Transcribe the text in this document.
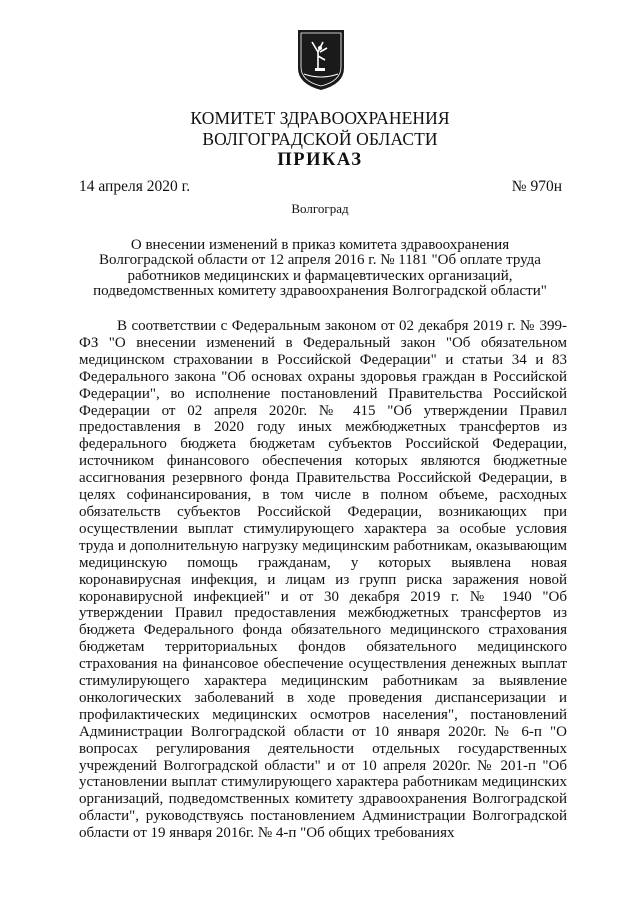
КОМИТЕТ ЗДРАВООХРАНЕНИЯ
ВОЛГОГРАДСКОЙ ОБЛАСТИ
ПРИКАЗ
14 апреля 2020 г.	№ 970н
Волгоград
О внесении изменений в приказ комитета здравоохранения
Волгоградской области от 12 апреля 2016 г. № 1181 "Об оплате труда
работников медицинских и фармацевтических организаций,
подведомственных комитету здравоохранения Волгоградской области"

В соответствии с Федеральным законом от 02 декабря 2019 г. № 399-ФЗ "О внесении изменений в Федеральный закон "Об обязательном медицинском страховании в Российской Федерации" и статьи 34 и 83 Федерального закона "Об основах охраны здоровья граждан в Российской Федерации", во исполнение постановлений Правительства Российской Федерации от 02 апреля 2020г. № 415 "Об утверждении Правил предоставления в 2020 году иных межбюджетных трансфертов из федерального бюджета бюджетам субъектов Российской Федерации, источником финансового обеспечения которых являются бюджетные ассигнования резервного фонда Правительства Российской Федерации, в целях софинансирования, в том числе в полном объеме, расходных обязательств субъектов Российской Федерации, возникающих при осуществлении выплат стимулирующего характера за особые условия труда и дополнительную нагрузку медицинским работникам, оказывающим медицинскую помощь гражданам, у которых выявлена новая коронавирусная инфекция, и лицам из групп риска заражения новой коронавирусной инфекцией" и от 30 декабря 2019 г. № 1940 "Об утверждении Правил предоставления межбюджетных трансфертов из бюджета Федерального фонда обязательного медицинского страхования бюджетам территориальных фондов обязательного медицинского страхования на финансовое обеспечение осуществления денежных выплат стимулирующего характера медицинским работникам за выявление онкологических заболеваний в ходе проведения диспансеризации и профилактических медицинских осмотров населения", постановлений Администрации Волгоградской области от 10 января 2020г. № 6-п "О вопросах регулирования деятельности отдельных государственных учреждений Волгоградской области" и от 10 апреля 2020г. № 201-п "Об установлении выплат стимулирующего характера работникам медицинских организаций, подведомственных комитету здравоохранения Волгоградской области", руководствуясь постановлением Администрации Волгоградской области от 19 января 2016г. № 4-п "Об общих требованиях
